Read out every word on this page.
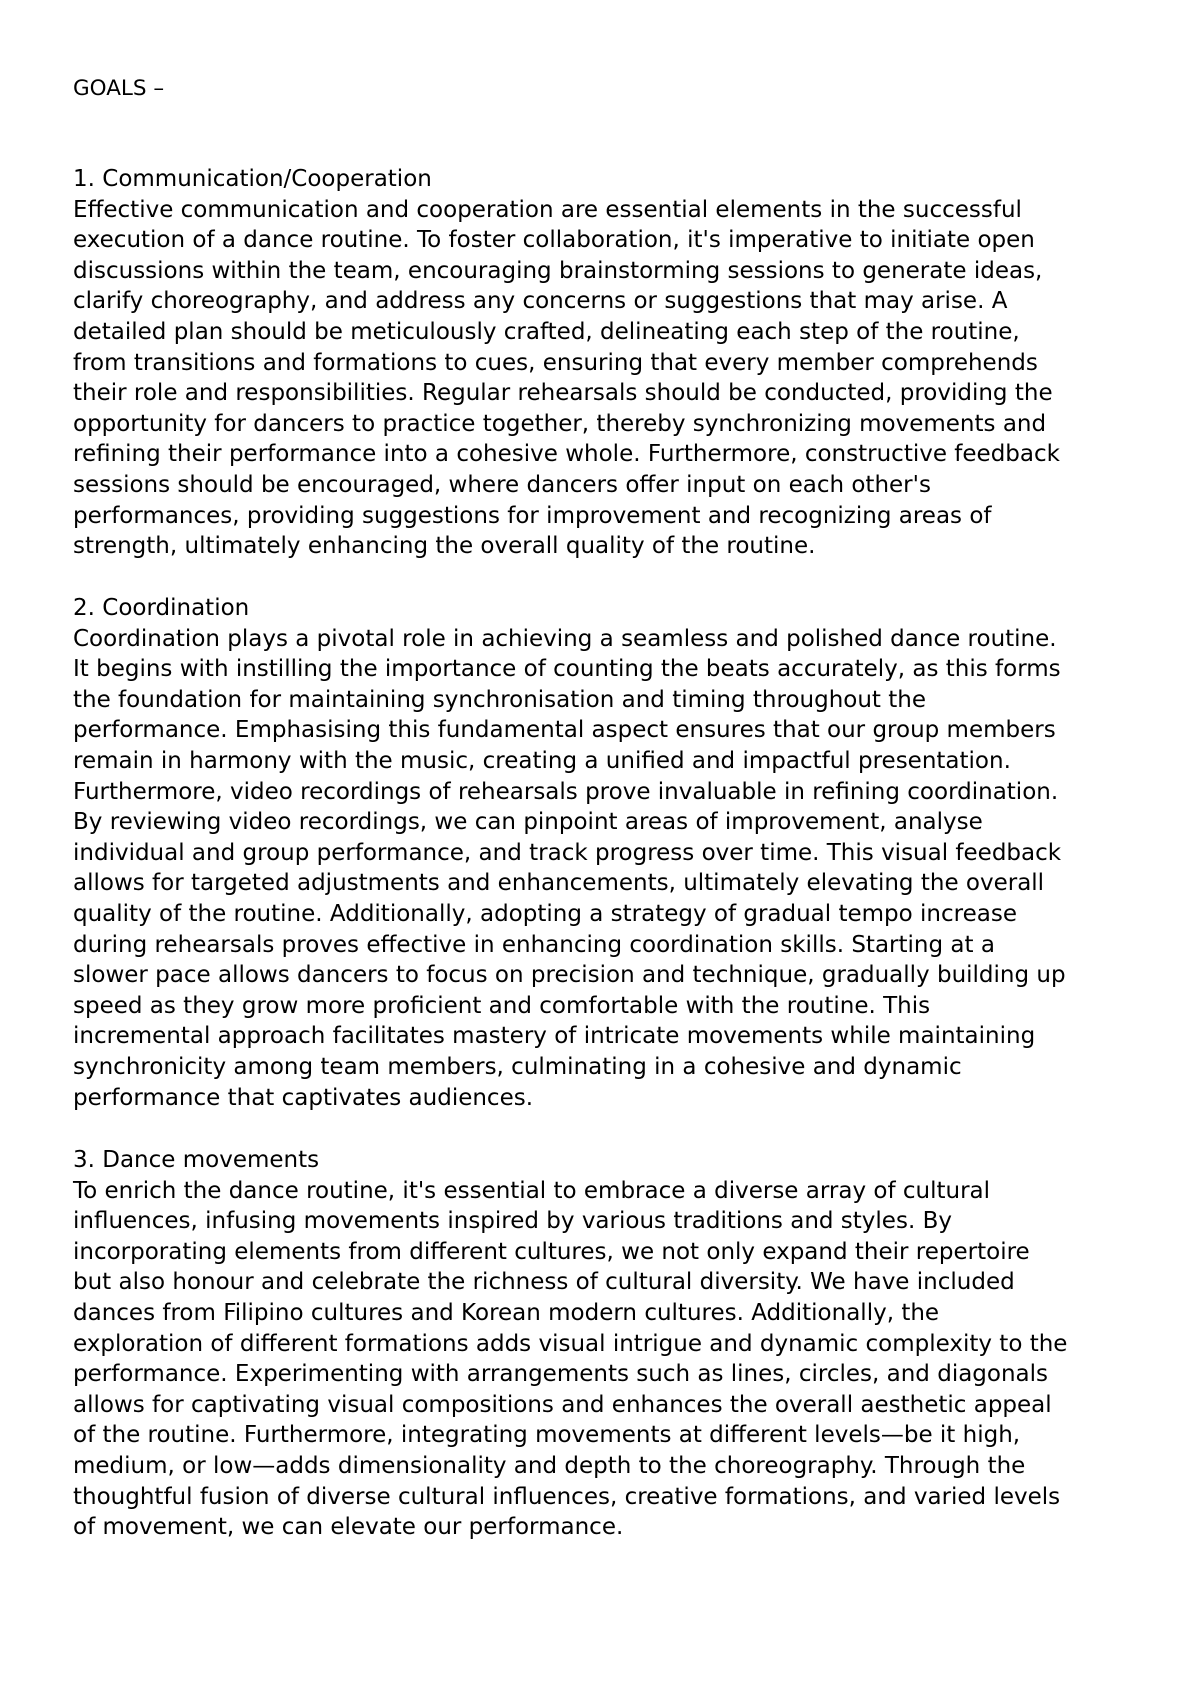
GOALS –

1. Communication/Cooperation

Effective communication and cooperation are essential elements in the successful
execution of a dance routine. To foster collaboration, it's imperative to initiate open
discussions within the team, encouraging brainstorming sessions to generate ideas,
clarify choreography, and address any concerns or suggestions that may arise. A
detailed plan should be meticulously crafted, delineating each step of the routine,
from transitions and formations to cues, ensuring that every member comprehends
their role and responsibilities. Regular rehearsals should be conducted, providing the
opportunity for dancers to practice together, thereby synchronizing movements and
refining their performance into a cohesive whole. Furthermore, constructive feedback
sessions should be encouraged, where dancers offer input on each other's
performances, providing suggestions for improvement and recognizing areas of
strength, ultimately enhancing the overall quality of the routine.

2. Coordination

Coordination plays a pivotal role in achieving a seamless and polished dance routine.
It begins with instilling the importance of counting the beats accurately, as this forms
the foundation for maintaining synchronisation and timing throughout the
performance. Emphasising this fundamental aspect ensures that our group members
remain in harmony with the music, creating a unified and impactful presentation.
Furthermore, video recordings of rehearsals prove invaluable in refining coordination.
By reviewing video recordings, we can pinpoint areas of improvement, analyse
individual and group performance, and track progress over time. This visual feedback
allows for targeted adjustments and enhancements, ultimately elevating the overall
quality of the routine. Additionally, adopting a strategy of gradual tempo increase
during rehearsals proves effective in enhancing coordination skills. Starting at a
slower pace allows dancers to focus on precision and technique, gradually building up
speed as they grow more proficient and comfortable with the routine. This
incremental approach facilitates mastery of intricate movements while maintaining
synchronicity among team members, culminating in a cohesive and dynamic
performance that captivates audiences.

3. Dance movements

To enrich the dance routine, it's essential to embrace a diverse array of cultural
influences, infusing movements inspired by various traditions and styles. By
incorporating elements from different cultures, we not only expand their repertoire
but also honour and celebrate the richness of cultural diversity. We have included
dances from Filipino cultures and Korean modern cultures. Additionally, the
exploration of different formations adds visual intrigue and dynamic complexity to the
performance. Experimenting with arrangements such as lines, circles, and diagonals
allows for captivating visual compositions and enhances the overall aesthetic appeal
of the routine. Furthermore, integrating movements at different levels—be it high,
medium, or low—adds dimensionality and depth to the choreography. Through the
thoughtful fusion of diverse cultural influences, creative formations, and varied levels
of movement, we can elevate our performance.
